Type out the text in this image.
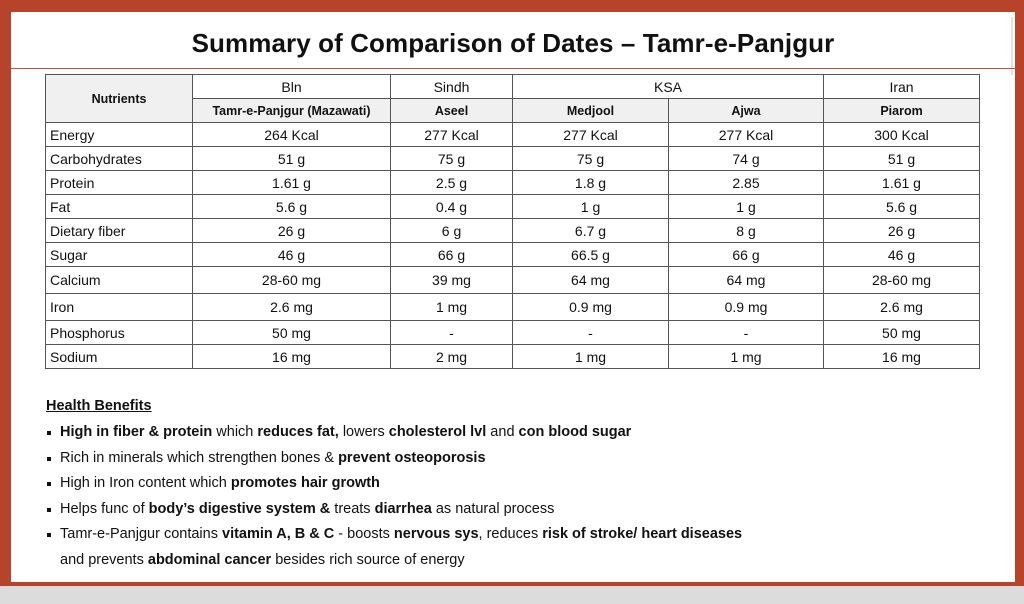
Summary of Comparison of Dates – Tamr-e-Panjgur
Nutrients	Bln	Sindh	KSA		Iran
	Tamr-e-Panjgur (Mazawati)	Aseel	Medjool	Ajwa	Piarom
Energy	264 Kcal	277 Kcal	277 Kcal	277 Kcal	300 Kcal
Carbohydrates	51 g	75 g	75 g	74 g	51 g
Protein	1.61 g	2.5 g	1.8 g	2.85	1.61 g
Fat	5.6 g	0.4 g	1 g	1 g	5.6 g
Dietary fiber	26 g	6 g	6.7 g	8 g	26 g
Sugar	46 g	66 g	66.5 g	66 g	46 g
Calcium	28-60 mg	39 mg	64 mg	64 mg	28-60 mg
Iron	2.6 mg	1 mg	0.9 mg	0.9 mg	2.6 mg
Phosphorus	50 mg	-	-	-	50 mg
Sodium	16 mg	2 mg	1 mg	1 mg	16 mg
Health Benefits
High in fiber & protein which reduces fat, lowers cholesterol lvl and con blood sugar
Rich in minerals which strengthen bones & prevent osteoporosis
High in Iron content which promotes hair growth
Helps func of body’s digestive system & treats diarrhea as natural process
Tamr-e-Panjgur contains vitamin A, B & C - boosts nervous sys, reduces risk of stroke/ heart diseases
and prevents abdominal cancer besides rich source of energy
